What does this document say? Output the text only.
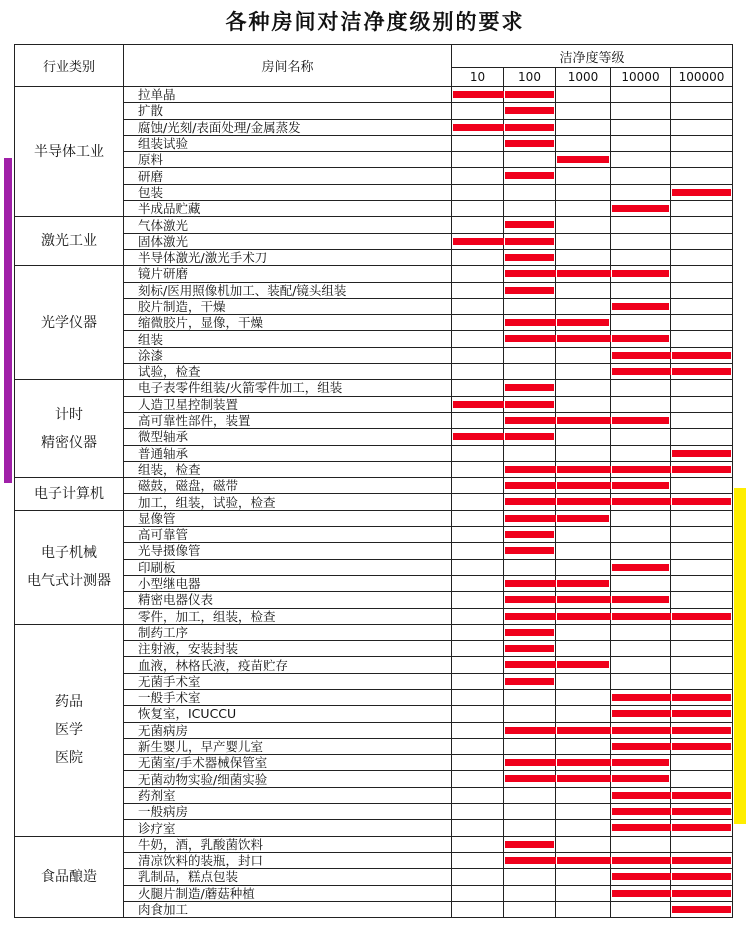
各种房间对洁净度级别的要求
行业类别	房间名称	洁净度等级				
		10	100	1000	10000	100000

半导体工业	拉单晶	

	扩散		

	腐蚀/光刻/表面处理/金属蒸发	

	组装试验		

	原料			

	研磨		

	包装					

	半成品贮藏				

激光工业	气体激光		

	固体激光	

	半导体激光/激光手术刀		

光学仪器	镜片研磨		

	刻标/医用照像机加工、装配/镜头组装		

	胶片制造，干燥				

	缩微胶片，显像，干燥		

	组装		

	涂漆				

	试验，检查				

计时
精密仪器	电子表零件组装/火箭零件加工，组装		

	人造卫星控制装置	

	高可靠性部件，装置		

	微型轴承	

	普通轴承					

	组装，检查		

电子计算机	磁鼓，磁盘，磁带		

	加工，组装，试验，检查		

电子机械
电气式计测器	显像管		

	高可靠管		

	光导摄像管		

	印刷板				

	小型继电器		

	精密电器仪表		

	零件，加工，组装，检查		

药品
医学
医院	制药工序		

	注射液，安装封装		

	血液，林格氏液，疫苗贮存		

	无菌手术室		

	一般手术室				

	恢复室，ICUCCU				

	无菌病房		

	新生婴儿，早产婴儿室				

	无菌室/手术器械保管室		

	无菌动物实验/细菌实验		

	药剂室				

	一般病房				

	诊疗室				

食品酿造	牛奶，酒，乳酸菌饮料		

	清凉饮料的装瓶，封口		

	乳制品，糕点包装				

	火腿片制造/蘑菇种植				

	肉食加工					
